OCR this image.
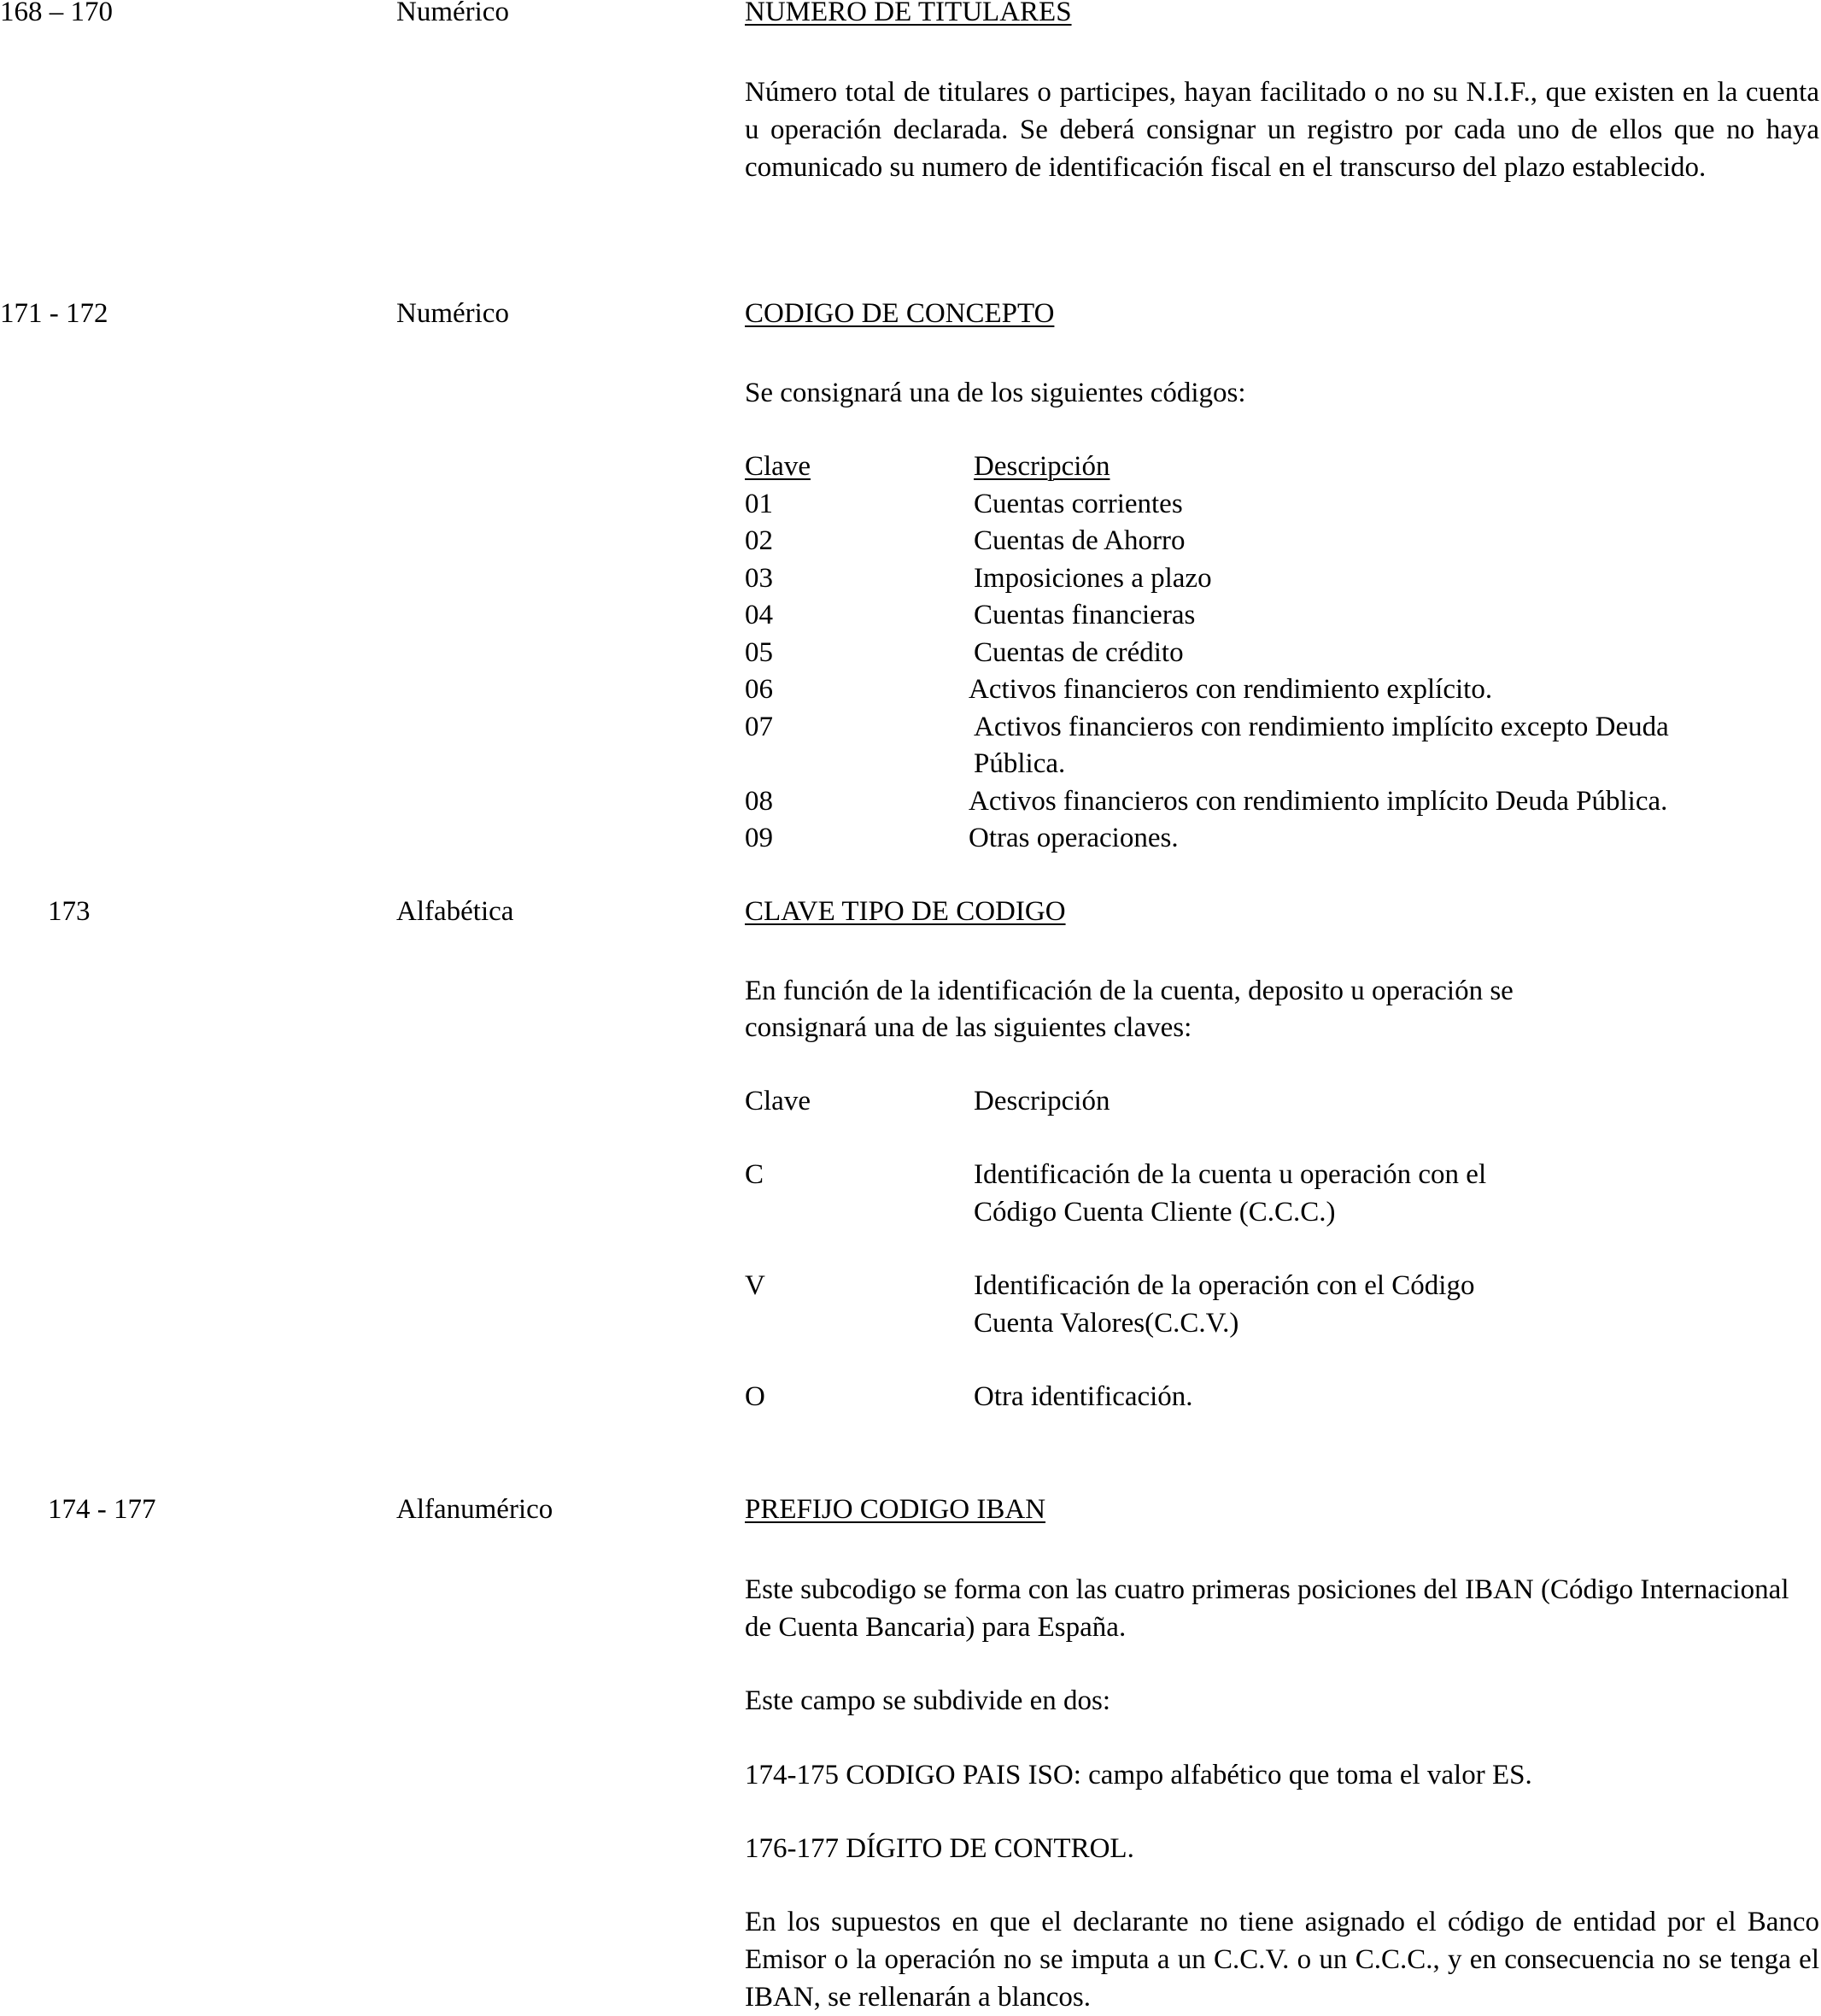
168 – 170	Numérico	NUMERO DE TITULARES
Número total de titulares o participes, hayan facilitado o no su N.I.F., que existen en la cuenta u operación declarada. Se deberá consignar un registro por cada uno de ellos que no haya comunicado su numero de identificación fiscal en el transcurso del plazo establecido.
171 - 172	Numérico	CODIGO DE CONCEPTO
Se consignará una de los siguientes códigos:
Clave	Descripción
01	Cuentas corrientes
02	Cuentas de Ahorro
03	Imposiciones a plazo
04	Cuentas financieras
05	Cuentas de crédito
06	Activos financieros con rendimiento explícito.
07	Activos financieros con rendimiento implícito excepto Deuda
Pública.
08	Activos financieros con rendimiento implícito Deuda Pública.
09	Otras operaciones.
173	Alfabética	CLAVE TIPO DE CODIGO
En función de la identificación de la cuenta, deposito u operación se
consignará una de las siguientes claves:
Clave	Descripción
C	Identificación de la cuenta u operación con el
Código Cuenta Cliente (C.C.C.)
V	Identificación de la operación con el Código
Cuenta Valores(C.C.V.)
O	Otra identificación.
174 - 177	Alfanumérico	PREFIJO CODIGO IBAN
Este subcodigo se forma con las cuatro primeras posiciones del IBAN (Código Internacional de Cuenta Bancaria) para España.
Este campo se subdivide en dos:
174-175 CODIGO PAIS ISO: campo alfabético que toma el valor ES.
176-177 DÍGITO DE CONTROL.
En los supuestos en que el declarante no tiene asignado el código de entidad por el Banco Emisor o la operación no se imputa a un C.C.V. o un C.C.C., y en consecuencia no se tenga el IBAN, se rellenarán a blancos.
